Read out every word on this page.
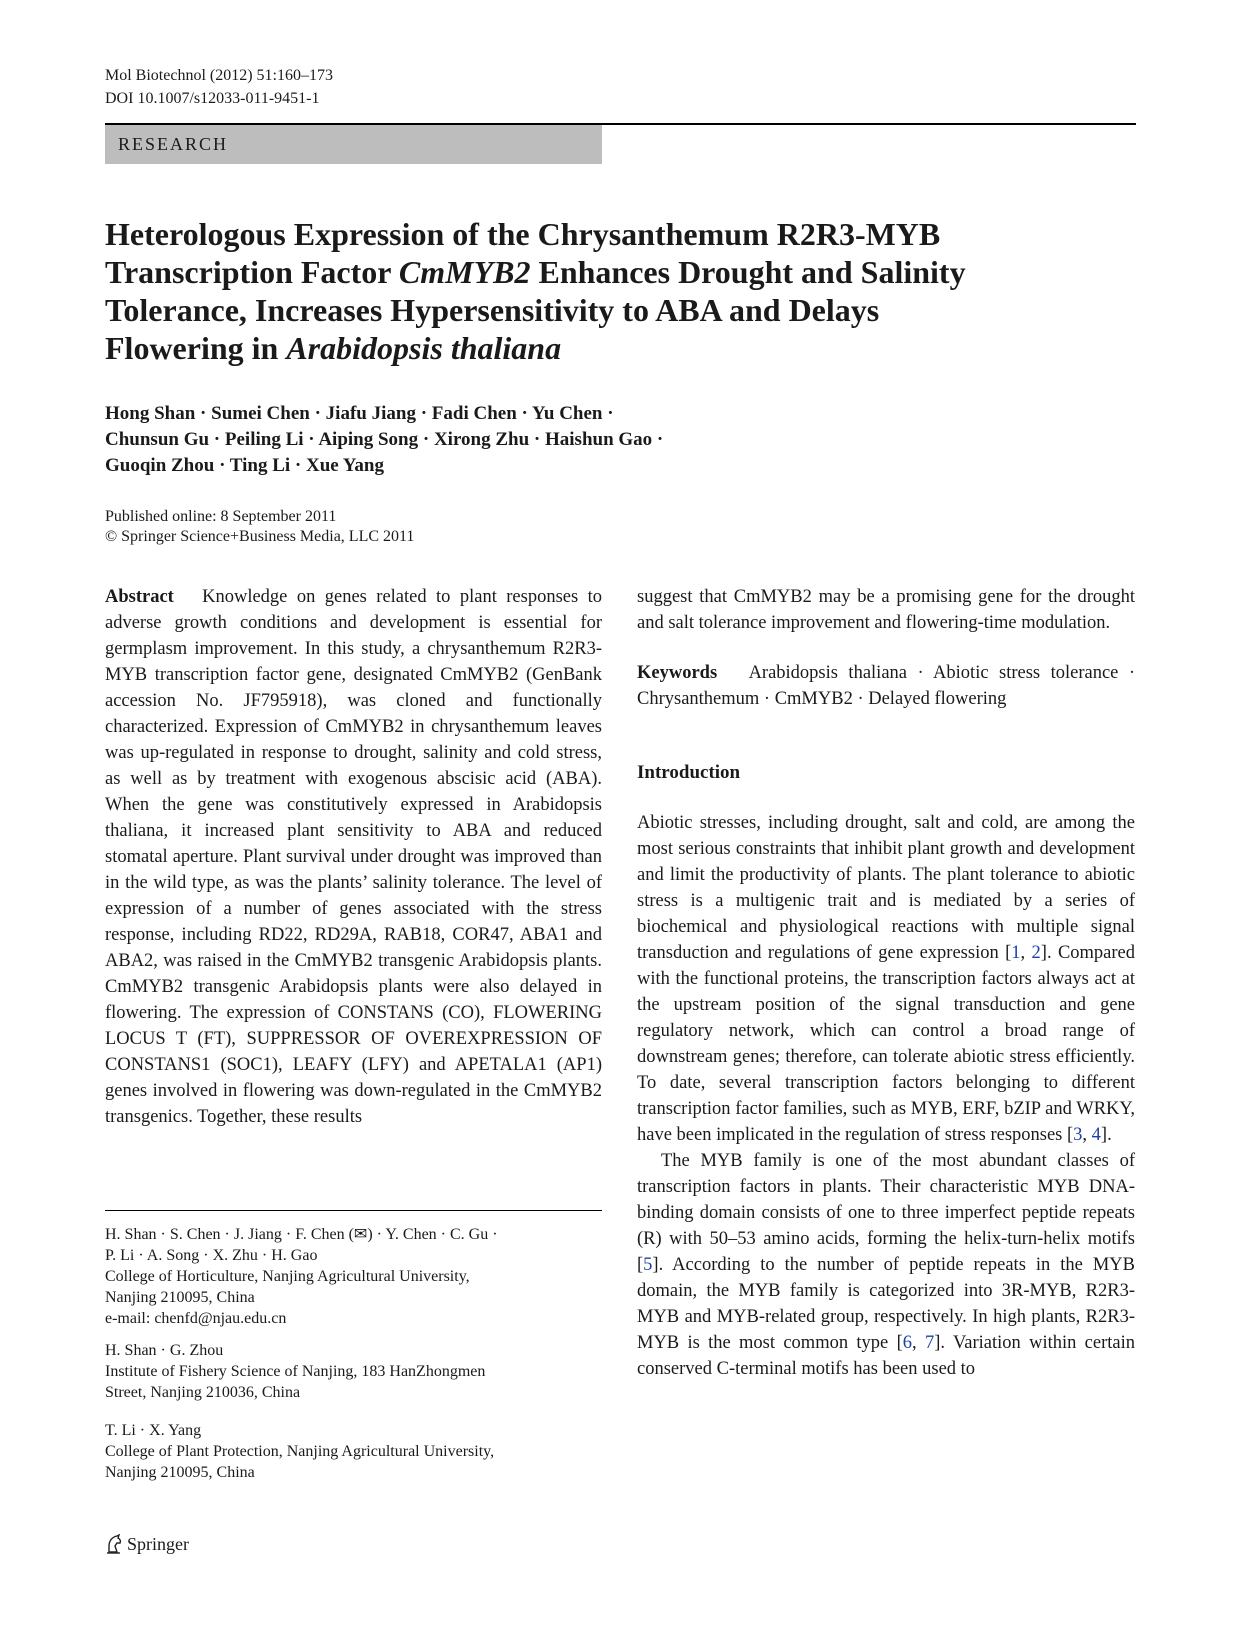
Mol Biotechnol (2012) 51:160–173
DOI 10.1007/s12033-011-9451-1
RESEARCH
Heterologous Expression of the Chrysanthemum R2R3-MYB
Transcription Factor CmMYB2 Enhances Drought and Salinity
Tolerance, Increases Hypersensitivity to ABA and Delays
Flowering in Arabidopsis thaliana
Hong Shan · Sumei Chen · Jiafu Jiang · Fadi Chen · Yu Chen ·
Chunsun Gu · Peiling Li · Aiping Song · Xirong Zhu · Haishun Gao ·
Guoqin Zhou · Ting Li · Xue Yang
Published online: 8 September 2011
© Springer Science+Business Media, LLC 2011

Abstract Knowledge on genes related to plant responses to adverse growth conditions and development is essential for germplasm improvement. In this study, a chrysanthemum R2R3-MYB transcription factor gene, designated CmMYB2 (GenBank accession No. JF795918), was cloned and functionally characterized. Expression of CmMYB2 in chrysanthemum leaves was up-regulated in response to drought, salinity and cold stress, as well as by treatment with exogenous abscisic acid (ABA). When the gene was constitutively expressed in Arabidopsis thaliana, it increased plant sensitivity to ABA and reduced stomatal aperture. Plant survival under drought was improved than in the wild type, as was the plants’ salinity tolerance. The level of expression of a number of genes associated with the stress response, including RD22, RD29A, RAB18, COR47, ABA1 and ABA2, was raised in the CmMYB2 transgenic Arabidopsis plants. CmMYB2 transgenic Arabidopsis plants were also delayed in flowering. The expression of CONSTANS (CO), FLOWERING LOCUS T (FT), SUPPRESSOR OF OVEREXPRESSION OF CONSTANS1 (SOC1), LEAFY (LFY) and APETALA1 (AP1) genes involved in flowering was down-regulated in the CmMYB2 transgenics. Together, these results

H. Shan · S. Chen · J. Jiang · F. Chen (✉) · Y. Chen · C. Gu ·
P. Li · A. Song · X. Zhu · H. Gao
College of Horticulture, Nanjing Agricultural University,
Nanjing 210095, China
e-mail: chenfd@njau.edu.cn
H. Shan · G. Zhou
Institute of Fishery Science of Nanjing, 183 HanZhongmen
Street, Nanjing 210036, China
T. Li · X. Yang
College of Plant Protection, Nanjing Agricultural University,
Nanjing 210095, China

suggest that CmMYB2 may be a promising gene for the drought and salt tolerance improvement and flowering-time modulation.

Keywords Arabidopsis thaliana · Abiotic stress tolerance · Chrysanthemum · CmMYB2 · Delayed flowering

Introduction

Abiotic stresses, including drought, salt and cold, are among the most serious constraints that inhibit plant growth and development and limit the productivity of plants. The plant tolerance to abiotic stress is a multigenic trait and is mediated by a series of biochemical and physiological reactions with multiple signal transduction and regulations of gene expression [1, 2]. Compared with the functional proteins, the transcription factors always act at the upstream position of the signal transduction and gene regulatory network, which can control a broad range of downstream genes; therefore, can tolerate abiotic stress efficiently. To date, several transcription factors belonging to different transcription factor families, such as MYB, ERF, bZIP and WRKY, have been implicated in the regulation of stress responses [3, 4].

The MYB family is one of the most abundant classes of transcription factors in plants. Their characteristic MYB DNA-binding domain consists of one to three imperfect peptide repeats (R) with 50–53 amino acids, forming the helix-turn-helix motifs [5]. According to the number of peptide repeats in the MYB domain, the MYB family is categorized into 3R-MYB, R2R3-MYB and MYB-related group, respectively. In high plants, R2R3-MYB is the most common type [6, 7]. Variation within certain conserved C-terminal motifs has been used to

Springer
